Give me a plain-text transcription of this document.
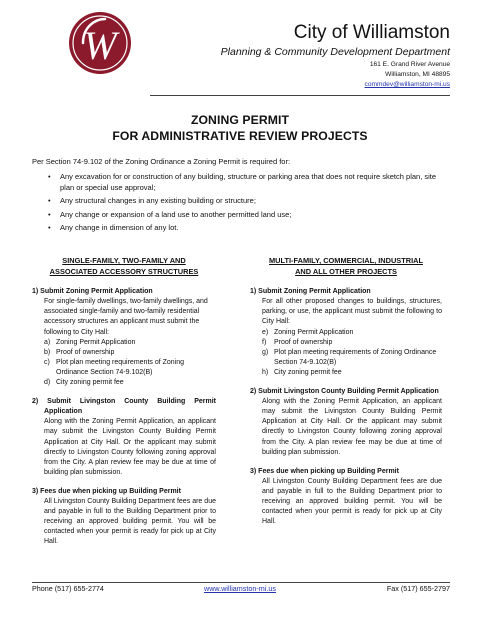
W	City of Williamston
Planning & Community Development Department
161 E. Grand River Avenue
Williamston, MI 48895
commdev@williamston-mi.us
ZONING PERMIT
FOR ADMINISTRATIVE REVIEW PROJECTS
Per Section 74-9.102 of the Zoning Ordinance a Zoning Permit is required for:
• Any excavation for or construction of any building, structure or parking area that does not require sketch plan, site plan or special use approval;
• Any structural changes in any existing building or structure;
• Any change or expansion of a land use to another permitted land use;
• Any change in dimension of any lot.
SINGLE-FAMILY, TWO-FAMILY AND
ASSOCIATED ACCESSORY STRUCTURES
1) Submit Zoning Permit Application
For single-family dwellings, two-family dwellings, and associated single-family and two-family residential accessory structures an applicant must submit the following to City Hall:
a) Zoning Permit Application
b) Proof of ownership
c) Plot plan meeting requirements of Zoning Ordinance Section 74-9.102(B)
d) City zoning permit fee
2) Submit Livingston County Building Permit Application
Along with the Zoning Permit Application, an applicant may submit the Livingston County Building Permit Application at City Hall. Or the applicant may submit directly to Livingston County following zoning approval from the City. A plan review fee may be due at time of building plan submission.
3) Fees due when picking up Building Permit
All Livingston County Building Department fees are due and payable in full to the Building Department prior to receiving an approved building permit. You will be contacted when your permit is ready for pick up at City Hall.
MULTI-FAMILY, COMMERCIAL, INDUSTRIAL
AND ALL OTHER PROJECTS
1) Submit Zoning Permit Application
For all other proposed changes to buildings, structures, parking, or use, the applicant must submit the following to City Hall:
e) Zoning Permit Application
f)	Proof of ownership
g) Plot plan meeting requirements of Zoning Ordinance Section 74-9.102(B)
h) City zoning permit fee
2) Submit Livingston County Building Permit Application
Along with the Zoning Permit Application, an applicant may submit the Livingston County Building Permit Application at City Hall. Or the applicant may submit directly to Livingston County following zoning approval from the City. A plan review fee may be due at time of building plan submission.
3) Fees due when picking up Building Permit
All Livingston County Building Department fees are due and payable in full to the Building Department prior to receiving an approved building permit. You will be contacted when your permit is ready for pick up at City Hall.
Phone (517) 655-2774	www.williamston-mi.us	Fax (517) 655-2797
